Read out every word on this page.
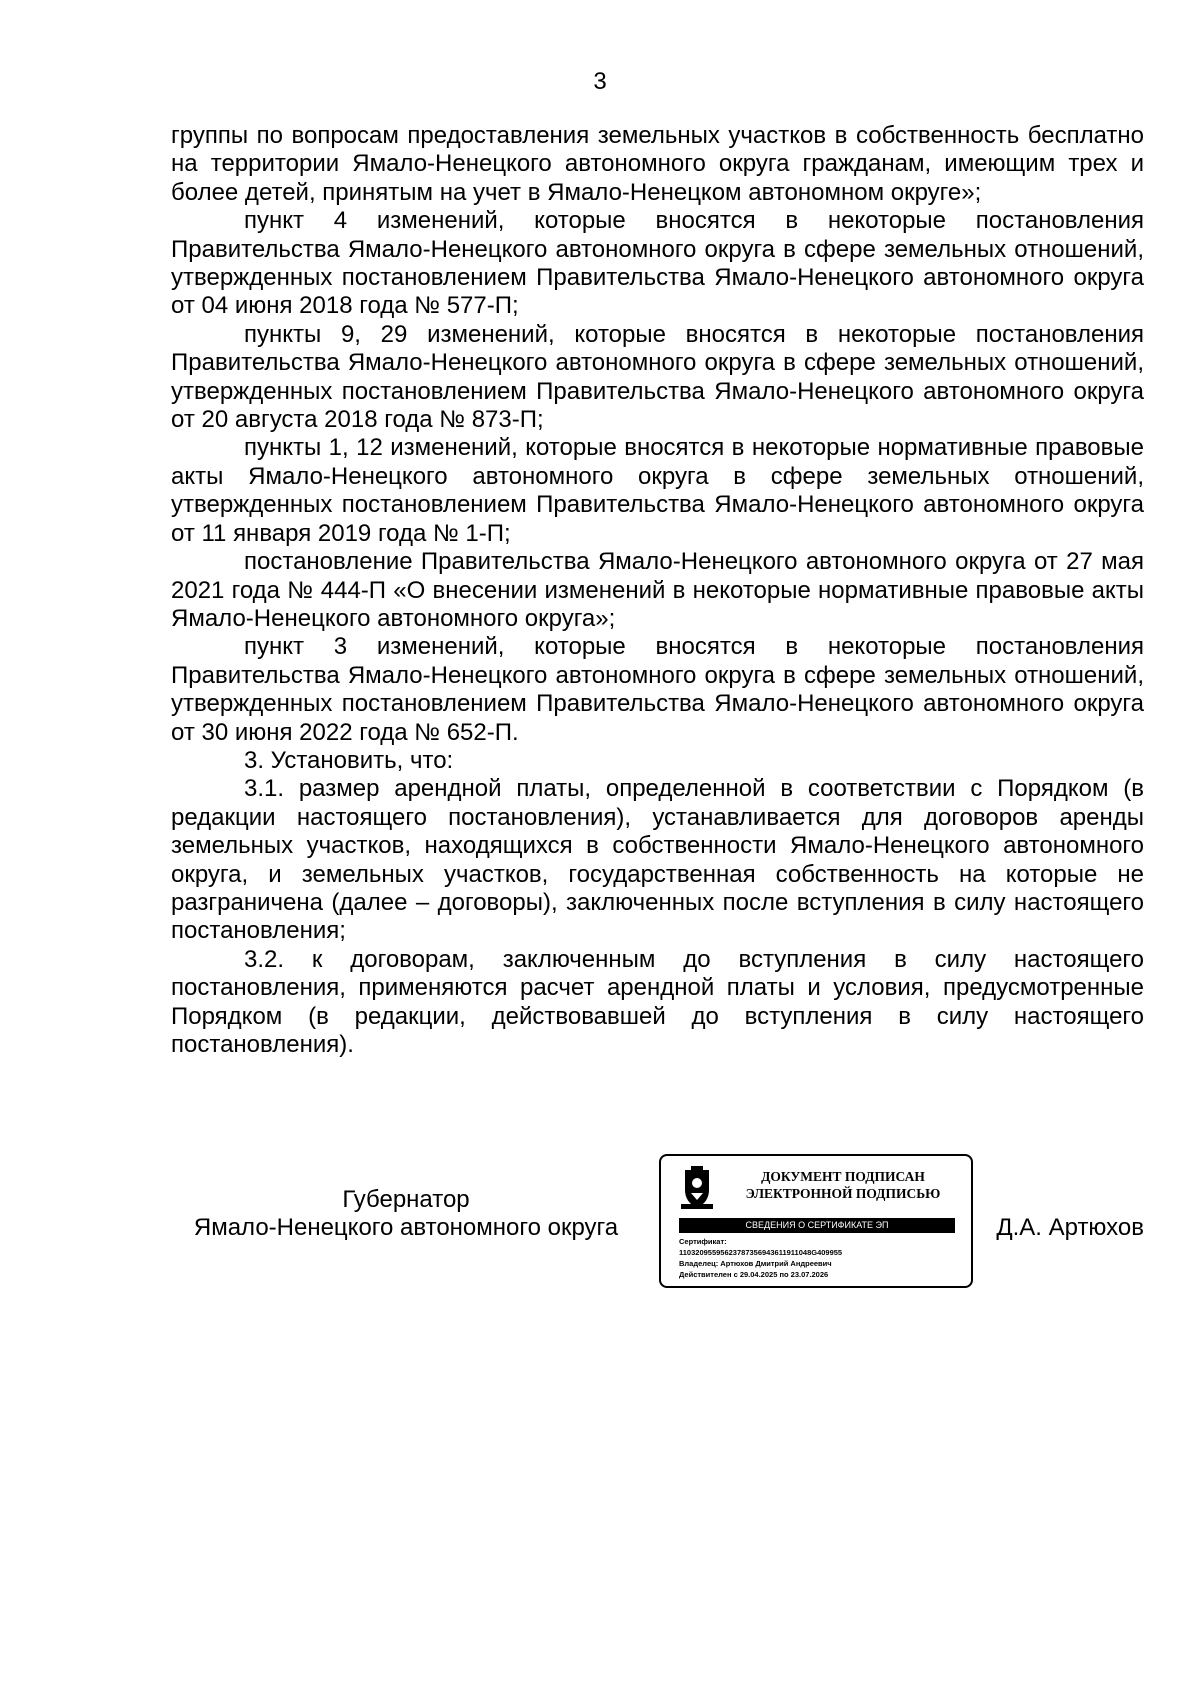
3

группы по вопросам предоставления земельных участков в собственность бесплатно на территории Ямало-Ненецкого автономного округа гражданам, имеющим трех и более детей, принятым на учет в Ямало-Ненецком автономном округе»;

пункт 4 изменений, которые вносятся в некоторые постановления Правительства Ямало-Ненецкого автономного округа в сфере земельных отношений, утвержденных постановлением Правительства Ямало-Ненецкого автономного округа от 04 июня 2018 года № 577-П;

пункты 9, 29 изменений, которые вносятся в некоторые постановления Правительства Ямало-Ненецкого автономного округа в сфере земельных отношений, утвержденных постановлением Правительства Ямало-Ненецкого автономного округа от 20 августа 2018 года № 873-П;

пункты 1, 12 изменений, которые вносятся в некоторые нормативные правовые акты Ямало-Ненецкого автономного округа в сфере земельных отношений, утвержденных постановлением Правительства Ямало-Ненецкого автономного округа от 11 января 2019 года № 1-П;

постановление Правительства Ямало-Ненецкого автономного округа от 27 мая 2021 года № 444-П «О внесении изменений в некоторые нормативные правовые акты Ямало-Ненецкого автономного округа»;

пункт 3 изменений, которые вносятся в некоторые постановления Правительства Ямало-Ненецкого автономного округа в сфере земельных отношений, утвержденных постановлением Правительства Ямало-Ненецкого автономного округа от 30 июня 2022 года № 652-П.

3. Установить, что:

3.1. размер арендной платы, определенной в соответствии с Порядком (в редакции настоящего постановления), устанавливается для договоров аренды земельных участков, находящихся в собственности Ямало-Ненецкого автономного округа, и земельных участков, государственная собственность на которые не разграничена (далее – договоры), заключенных после вступления в силу настоящего постановления;

3.2. к договорам, заключенным до вступления в силу настоящего постановления, применяются расчет арендной платы и условия, предусмотренные Порядком (в редакции, действовавшей до вступления в силу настоящего постановления).

Губернатор
Ямало-Ненецкого автономного округа
ДОКУМЕНТ ПОДПИСАН
ЭЛЕКТРОННОЙ ПОДПИСЬЮ
СВЕДЕНИЯ О СЕРТИФИКАТЕ ЭП
Сертификат:
11032095595623787356943611911048G409955
Владелец: Артюхов Дмитрий Андреевич
Действителен с 29.04.2025 по 23.07.2026
Д.А. Артюхов
